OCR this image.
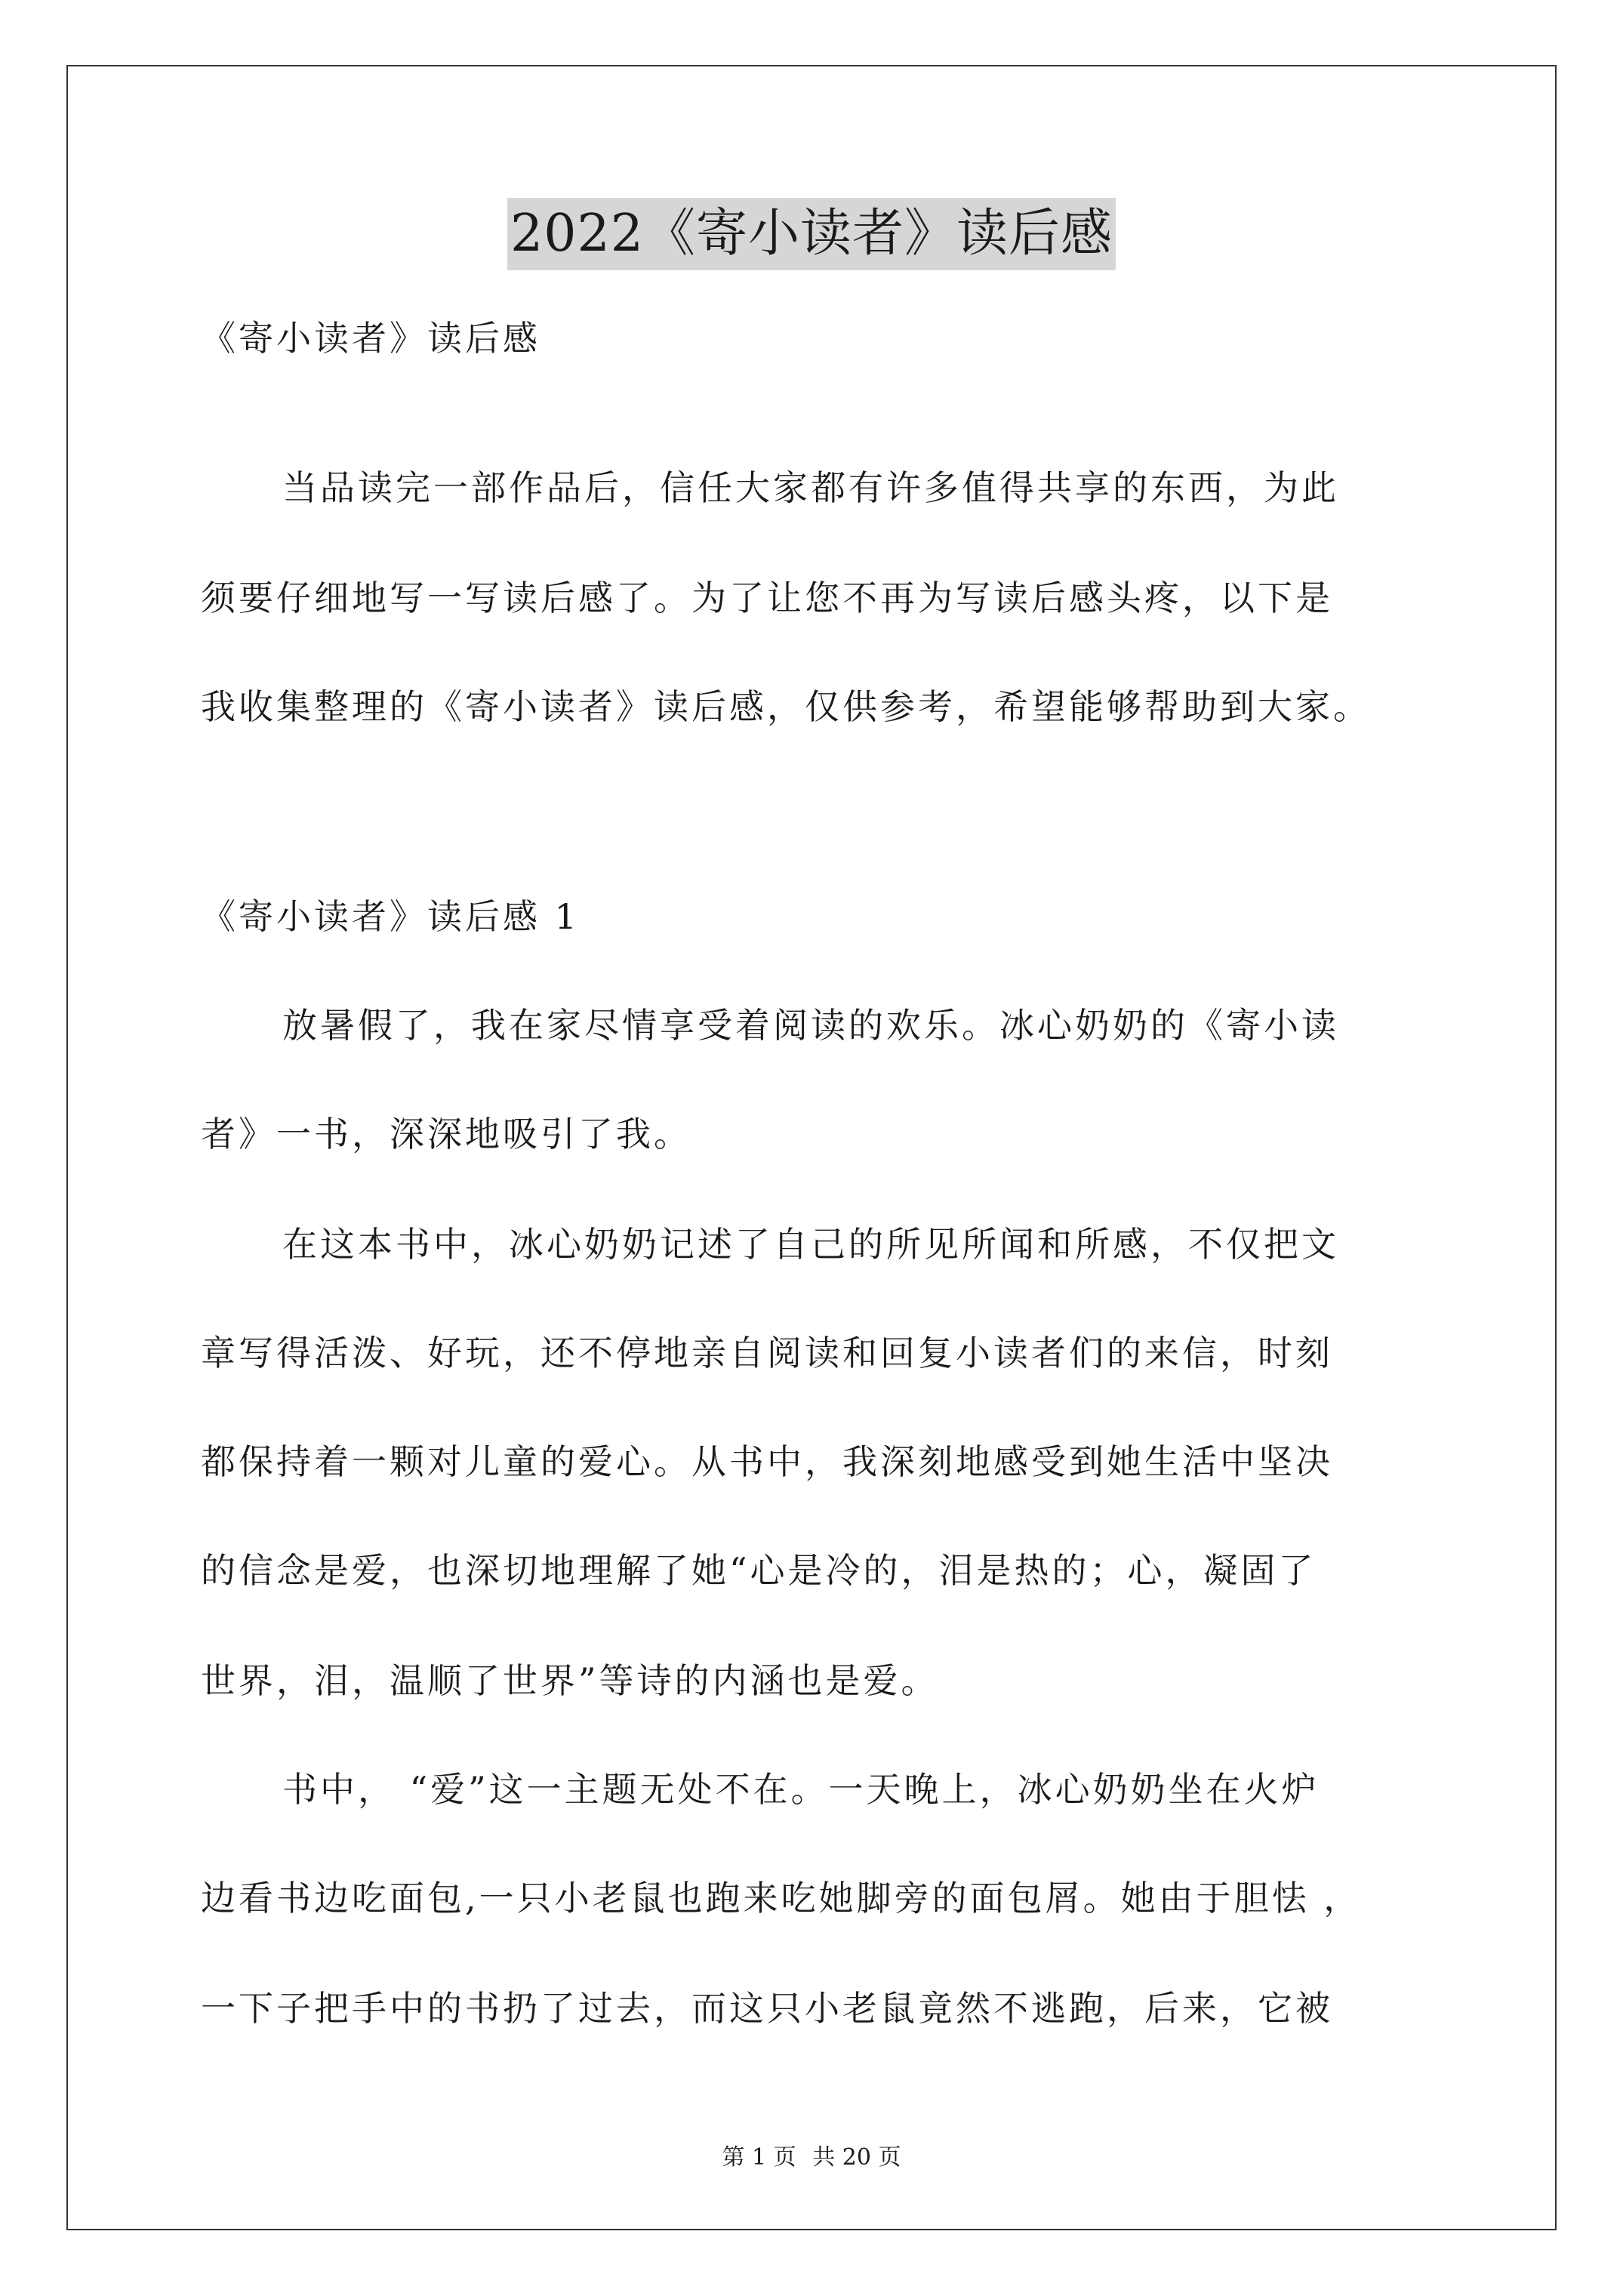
2022《寄小读者》读后感
《寄小读者》读后感
当品读完一部作品后，信任大家都有许多值得共享的东西，为此
须要仔细地写一写读后感了。为了让您不再为写读后感头疼，以下是
我收集整理的《寄小读者》读后感，仅供参考，希望能够帮助到大家。
《寄小读者》读后感 1
放暑假了，我在家尽情享受着阅读的欢乐。冰心奶奶的《寄小读
者》一书，深深地吸引了我。
在这本书中，冰心奶奶记述了自己的所见所闻和所感，不仅把文
章写得活泼、好玩，还不停地亲自阅读和回复小读者们的来信，时刻
都保持着一颗对儿童的爱心。从书中，我深刻地感受到她生活中坚决
的信念是爱，也深切地理解了她“心是冷的，泪是热的；心，凝固了
世界，泪，温顺了世界”等诗的内涵也是爱。
书中， “爱”这一主题无处不在。一天晚上，冰心奶奶坐在火炉
边看书边吃面包,一只小老鼠也跑来吃她脚旁的面包屑。她由于胆怯 ，
一下子把手中的书扔了过去，而这只小老鼠竟然不逃跑，后来，它被
第 1 页 共 20 页
